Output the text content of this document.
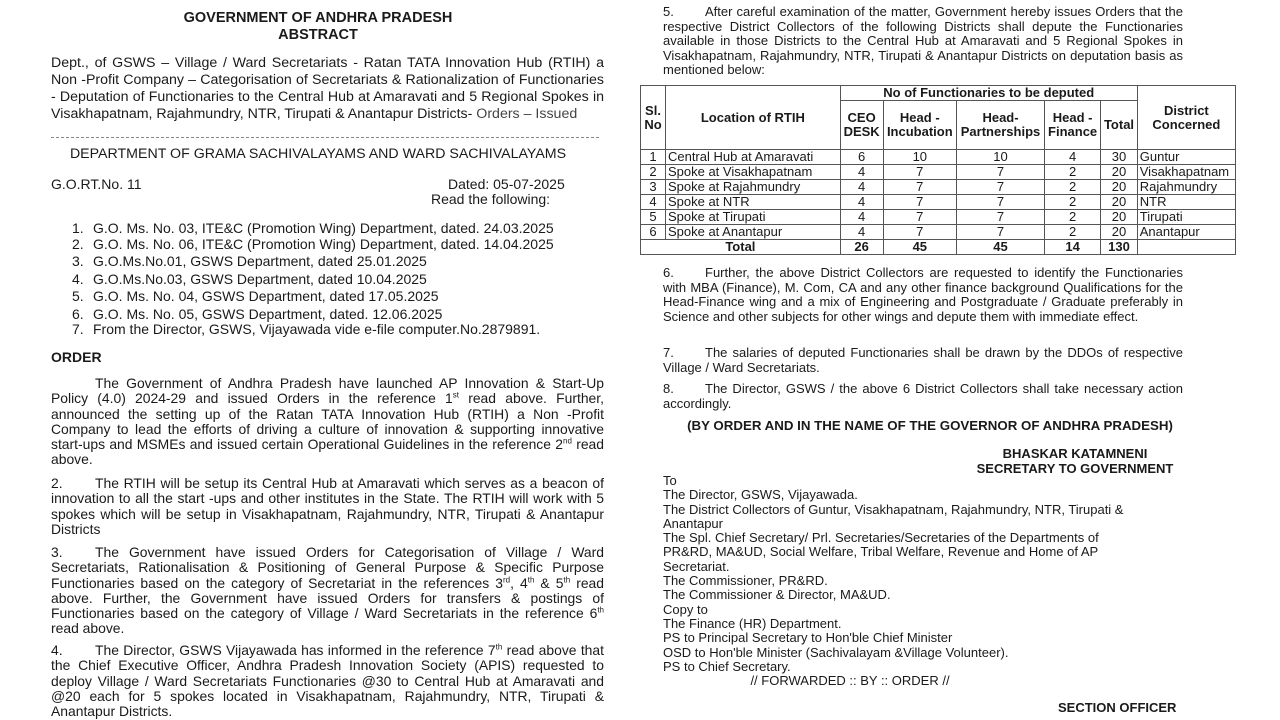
GOVERNMENT OF ANDHRA PRADESH
ABSTRACT
Dept., of GSWS – Village / Ward Secretariats - Ratan TATA Innovation Hub (RTIH) a Non -Profit Company – Categorisation of Secretariats & Rationalization of Functionaries - Deputation of Functionaries to the Central Hub at Amaravati and 5 Regional Spokes in Visakhapatnam, Rajahmundry, NTR, Tirupati & Anantapur Districts- Orders – Issued
DEPARTMENT OF GRAMA SACHIVALAYAMS AND WARD SACHIVALAYAMS
G.O.RT.No. 11	Dated: 05-07-2025
Read the following:
1. G.O. Ms. No. 03, ITE&C (Promotion Wing) Department, dated. 24.03.2025
2. G.O. Ms. No. 06, ITE&C (Promotion Wing) Department, dated. 14.04.2025
3. G.O.Ms.No.01, GSWS Department, dated 25.01.2025
4. G.O.Ms.No.03, GSWS Department, dated 10.04.2025
5. G.O. Ms. No. 04, GSWS Department, dated 17.05.2025
6. G.O. Ms. No. 05, GSWS Department, dated. 12.06.2025
7. From the Director, GSWS, Vijayawada vide e-file computer.No.2879891.
ORDER
The Government of Andhra Pradesh have launched AP Innovation & Start-Up Policy (4.0) 2024-29 and issued Orders in the reference 1st read above. Further, announced the setting up of the Ratan TATA Innovation Hub (RTIH) a Non -Profit Company to lead the efforts of driving a culture of innovation & supporting innovative start-ups and MSMEs and issued certain Operational Guidelines in the reference 2nd read above.
2. The RTIH will be setup its Central Hub at Amaravati which serves as a beacon of innovation to all the start -ups and other institutes in the State. The RTIH will work with 5 spokes which will be setup in Visakhapatnam, Rajahmundry, NTR, Tirupati & Anantapur Districts
3. The Government have issued Orders for Categorisation of Village / Ward Secretariats, Rationalisation & Positioning of General Purpose & Specific Purpose Functionaries based on the category of Secretariat in the references 3rd, 4th & 5th read above. Further, the Government have issued Orders for transfers & postings of Functionaries based on the category of Village / Ward Secretariats in the reference 6th read above.
4. The Director, GSWS Vijayawada has informed in the reference 7th read above that the Chief Executive Officer, Andhra Pradesh Innovation Society (APIS) requested to deploy Village / Ward Secretariats Functionaries @30 to Central Hub at Amaravati and @20 each for 5 spokes located in Visakhapatnam, Rajahmundry, NTR, Tirupati & Anantapur Districts.
5. After careful examination of the matter, Government hereby issues Orders that the respective District Collectors of the following Districts shall depute the Functionaries available in those Districts to the Central Hub at Amaravati and 5 Regional Spokes in Visakhapatnam, Rajahmundry, NTR, Tirupati & Anantapur Districts on deputation basis as mentioned below:
Sl. No	Location of RTIH	No of Functionaries to be deputed					District Concerned
		CEO DESK	Head - Incubation	Head- Partnerships	Head - Finance	Total	
1	Central Hub at Amaravati	6	10	10	4	30	Guntur
2	Spoke at Visakhapatnam	4	7	7	2	20	Visakhapatnam
3	Spoke at Rajahmundry	4	7	7	2	20	Rajahmundry
4	Spoke at NTR	4	7	7	2	20	NTR
5	Spoke at Tirupati	4	7	7	2	20	Tirupati
6	Spoke at Anantapur	4	7	7	2	20	Anantapur
Total		26	45	45	14	130	
6. Further, the above District Collectors are requested to identify the Functionaries with MBA (Finance), M. Com, CA and any other finance background Qualifications for the Head-Finance wing and a mix of Engineering and Postgraduate / Graduate preferably in Science and other subjects for other wings and depute them with immediate effect.
7. The salaries of deputed Functionaries shall be drawn by the DDOs of respective Village / Ward Secretariats.
8. The Director, GSWS / the above 6 District Collectors shall take necessary action accordingly.
(BY ORDER AND IN THE NAME OF THE GOVERNOR OF ANDHRA PRADESH)
BHASKAR KATAMNENI
SECRETARY TO GOVERNMENT
To
The Director, GSWS, Vijayawada.
The District Collectors of Guntur, Visakhapatnam, Rajahmundry, NTR, Tirupati & Anantapur
The Spl. Chief Secretary/ Prl. Secretaries/Secretaries of the Departments of PR&RD, MA&UD, Social Welfare, Tribal Welfare, Revenue and Home of AP Secretariat.
The Commissioner, PR&RD.
The Commissioner & Director, MA&UD.
Copy to
The Finance (HR) Department.
PS to Principal Secretary to Hon'ble Chief Minister
OSD to Hon'ble Minister (Sachivalayam &Village Volunteer).
PS to Chief Secretary.
// FORWARDED :: BY :: ORDER //
SECTION OFFICER
